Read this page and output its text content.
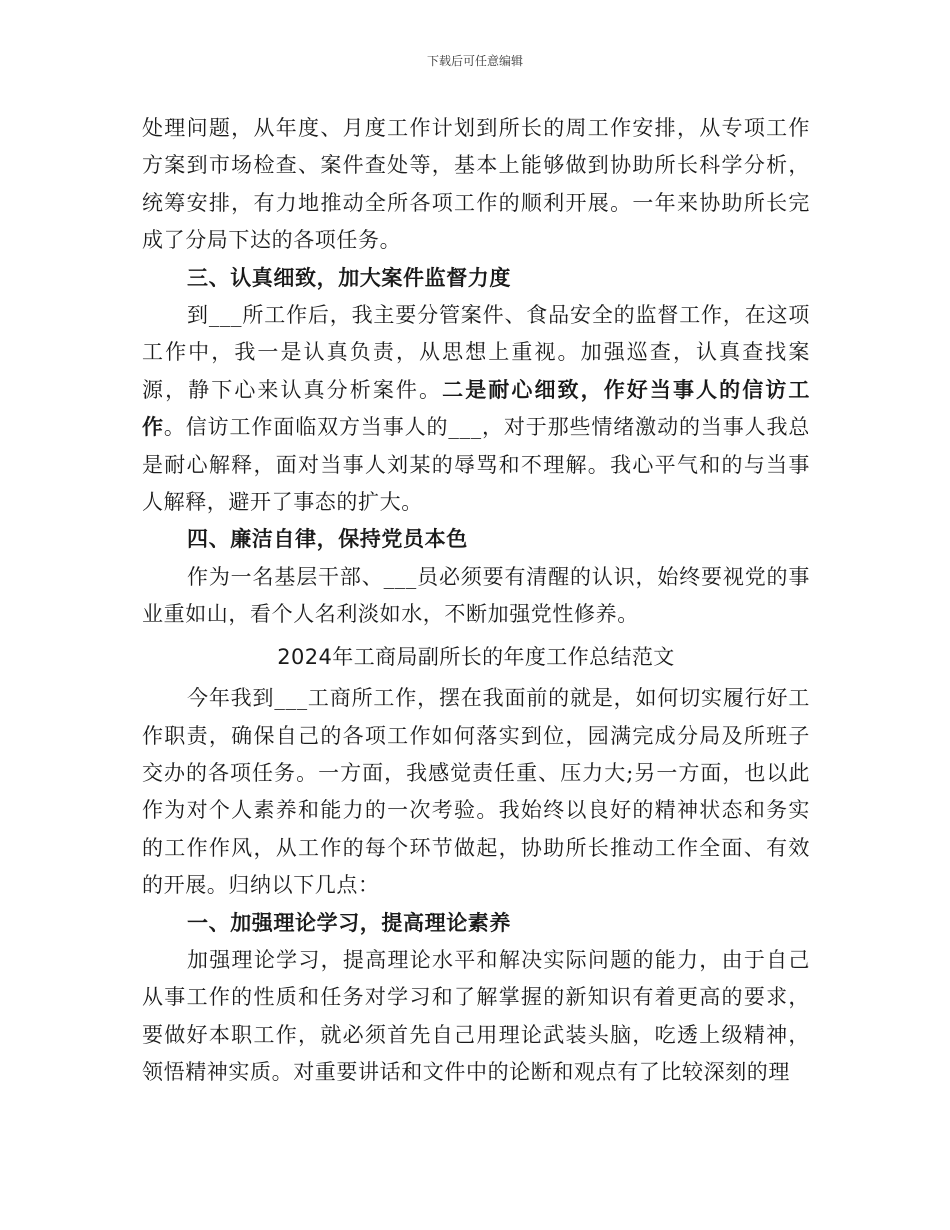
下载后可任意编辑

处理问题，从年度、月度工作计划到所长的周工作安排，从专项工作方案到市场检查、案件查处等，基本上能够做到协助所长科学分析，统筹安排，有力地推动全所各项工作的顺利开展。一年来协助所长完成了分局下达的各项任务。

三、认真细致，加大案件监督力度

到___所工作后，我主要分管案件、食品安全的监督工作，在这项工作中，我一是认真负责，从思想上重视。加强巡查，认真查找案源，静下心来认真分析案件。二是耐心细致，作好当事人的信访工作。信访工作面临双方当事人的___，对于那些情绪激动的当事人我总是耐心解释，面对当事人刘某的辱骂和不理解。我心平气和的与当事人解释，避开了事态的扩大。

四、廉洁自律，保持党员本色

作为一名基层干部、___员必须要有清醒的认识，始终要视党的事业重如山，看个人名利淡如水，不断加强党性修养。

2024年工商局副所长的年度工作总结范文

今年我到___工商所工作，摆在我面前的就是，如何切实履行好工作职责，确保自己的各项工作如何落实到位，园满完成分局及所班子交办的各项任务。一方面，我感觉责任重、压力大;另一方面，也以此作为对个人素养和能力的一次考验。我始终以良好的精神状态和务实的工作作风，从工作的每个环节做起，协助所长推动工作全面、有效的开展。归纳以下几点：

一、加强理论学习，提高理论素养

加强理论学习，提高理论水平和解决实际问题的能力，由于自己从事工作的性质和任务对学习和了解掌握的新知识有着更高的要求，要做好本职工作，就必须首先自己用理论武装头脑，吃透上级精神，领悟精神实质。对重要讲话和文件中的论断和观点有了比较深刻的理
